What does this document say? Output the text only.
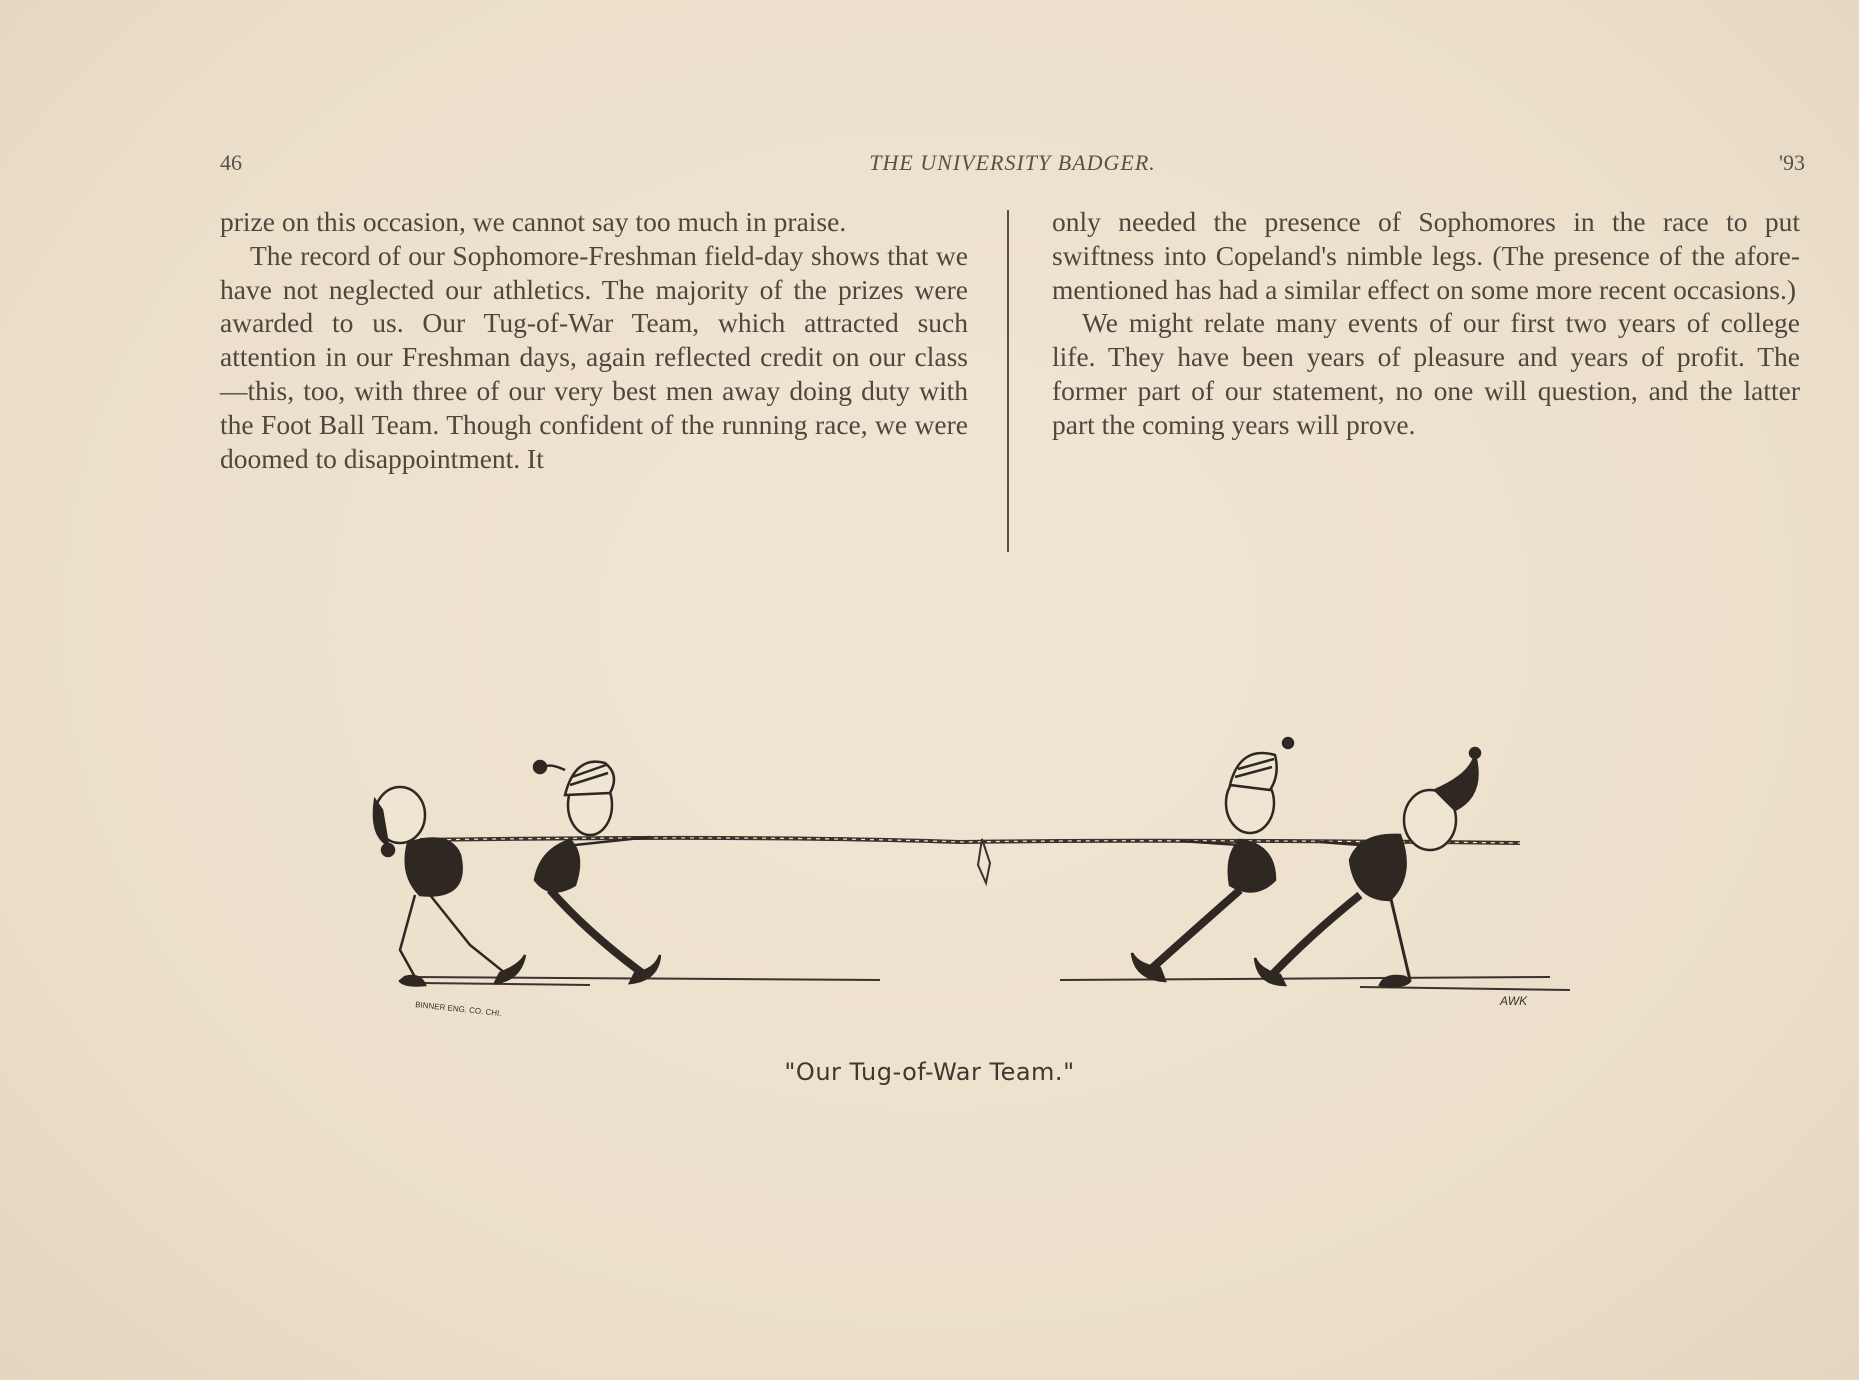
46	THE UNIVERSITY BADGER.	'93

prize on this occasion, we cannot say too much in praise.

The record of our Sophomore-Freshman field-day shows that we have not neglected our athletics. The majority of the prizes were awarded to us. Our Tug-of-War Team, which attracted such attention in our Freshman days, again reflected credit on our class—this, too, with three of our very best men away doing duty with the Foot Ball Team. Though confident of the running race, we were doomed to disappointment. It

only needed the presence of Sophomores in the race to put swiftness into Copeland's nimble legs. (The presence of the afore-mentioned has had a similar effect on some more recent occasions.)

We might relate many events of our first two years of college life. They have been years of pleasure and years of profit. The former part of our statement, no one will question, and the latter part the coming years will prove.

BINNER ENG. CO. CHI.	AWK
"Our Tug-of-War Team."
